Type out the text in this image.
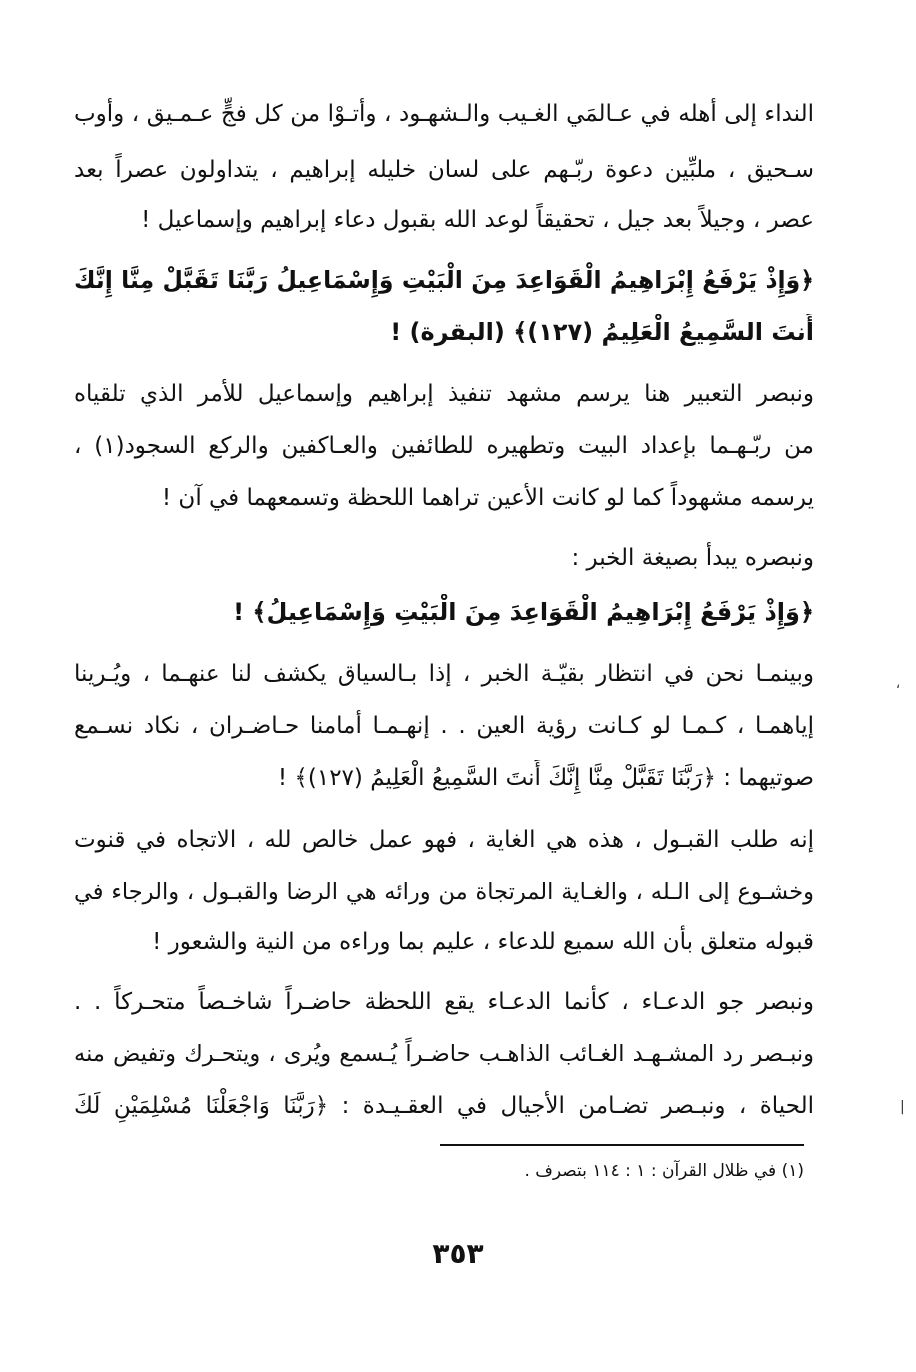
النداء إلى أهله في عـالمَي الغـيب والـشهـود ، وأتـوْا من كل فجٍّ عـمـيق ، وأوب
سـحيق ، ملبِّين دعوة ربّـهم على لسان خليله إبراهيم ، يتداولون عصراً بعد
عصر ، وجيلاً بعد جيل ، تحقيقاً لوعد الله بقبول دعاء إبراهيم وإسماعيل !
﴿وَإِذْ يَرْفَعُ إِبْرَاهِيمُ الْقَوَاعِدَ مِنَ الْبَيْتِ وَإِسْمَاعِيلُ رَبَّنَا تَقَبَّلْ مِنَّا إِنَّكَ
أَنتَ السَّمِيعُ الْعَلِيمُ (١٢٧)﴾ (البقرة) !
ونبصر التعبير هنا يرسم مشهد تنفيذ إبراهيم وإسماعيل للأمر الذي تلقياه
من ربّـهـما بإعداد البيت وتطهيره للطائفين والعـاكفين والركع السجود(١) ،
يرسمه مشهوداً كما لو كانت الأعين تراهما اللحظة وتسمعهما في آن !
ونبصره يبدأ بصيغة الخبر :
﴿وَإِذْ يَرْفَعُ إِبْرَاهِيمُ الْقَوَاعِدَ مِنَ الْبَيْتِ وَإِسْمَاعِيلُ﴾ !
وبينمـا نحن في انتظار بقيّـة الخبر ، إذا بـالسياق يكشف لنا عنهـما ، ويُـرينا
إياهمـا ، كـمـا لو كـانت رؤية العين . . إنهـمـا أمامنا حـاضـران ، نكاد نسـمع
صوتيهما : ﴿رَبَّنَا تَقَبَّلْ مِنَّا إِنَّكَ أَنتَ السَّمِيعُ الْعَلِيمُ (١٢٧)﴾ !
إنه طلب القبـول ، هذه هي الغاية ، فهو عمل خالص لله ، الاتجاه في قنوت
وخشـوع إلى الـله ، والغـاية المرتجاة من ورائه هي الرضا والقبـول ، والرجاء في
قبوله متعلق بأن الله سميع للدعاء ، عليم بما وراءه من النية والشعور !
ونبصر جو الدعـاء ، كأنما الدعـاء يقع اللحظة حاضـراً شاخـصاً متحـركاً . .
ونبـصر رد المشـهـد الغـائب الذاهـب حاضـراً يُـسمع ويُرى ، ويتحـرك وتفيض منه
الحياة ، ونبـصر تضـامن الأجيال في العقـيـدة : ﴿رَبَّنَا وَاجْعَلْنَا مُسْلِمَيْنِ لَكَ
(١) في ظلال القرآن : ١ : ١١٤ بتصرف .
٣٥٣
‘
|
